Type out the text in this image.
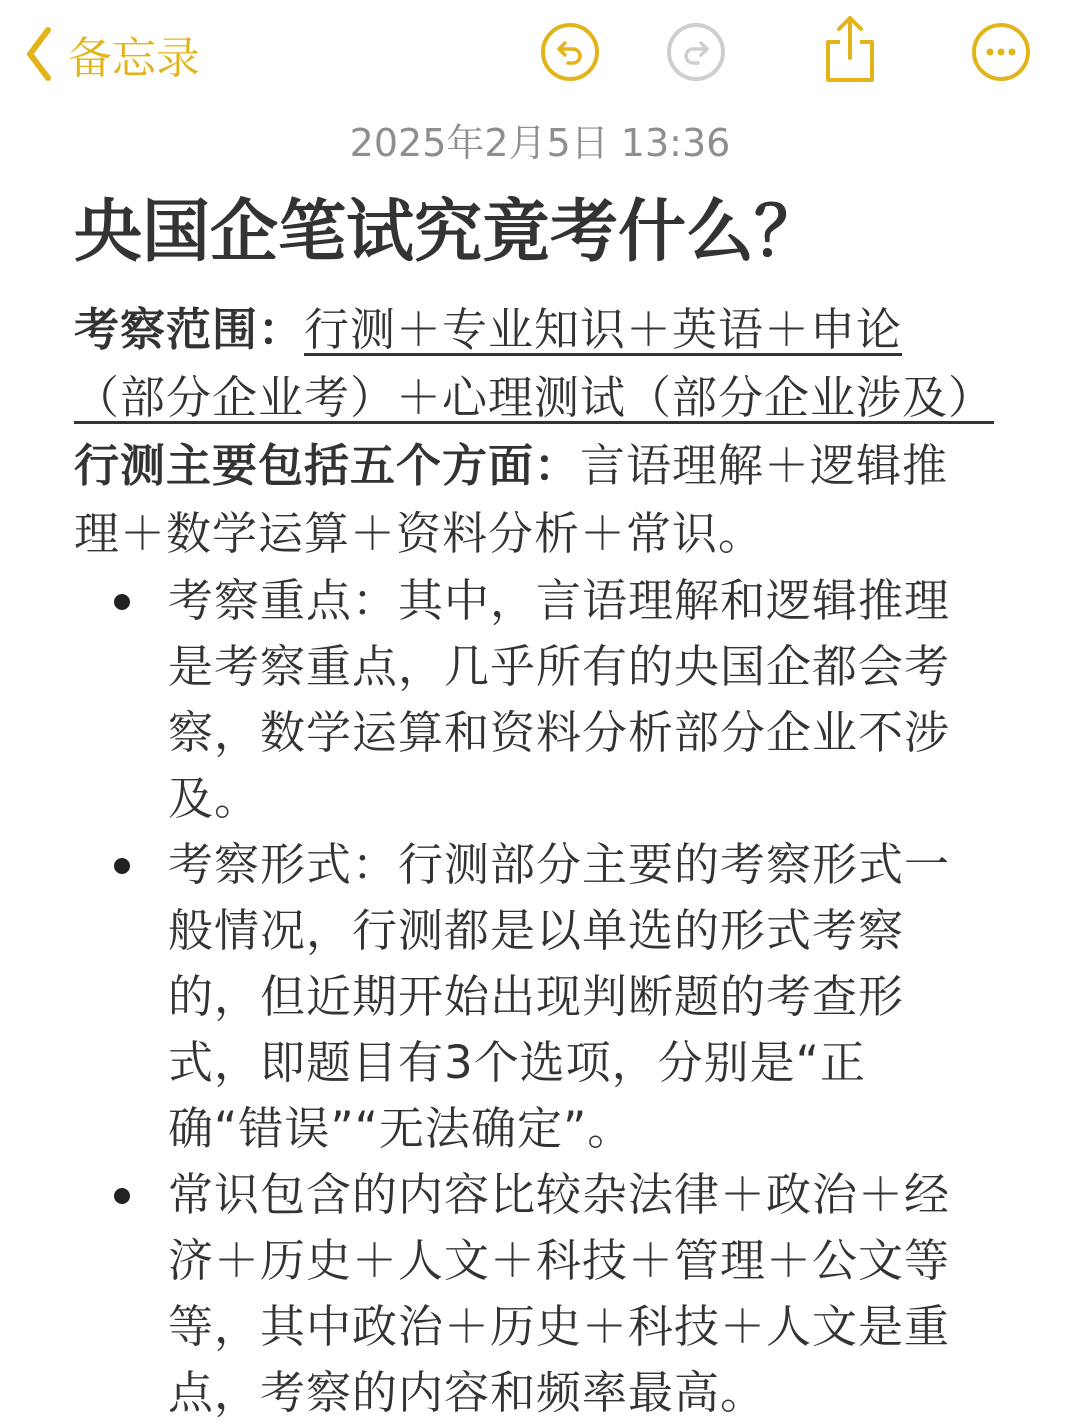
备忘录
2025年2月5日 13:36
央国企笔试究竟考什么？

考察范围：行测＋专业知识＋英语＋申论（部分企业考）＋心理测试（部分企业涉及）

行测主要包括五个方面：言语理解＋逻辑推理＋数学运算＋资料分析＋常识。

考察重点：其中，言语理解和逻辑推理是考察重点，几乎所有的央国企都会考察，数学运算和资料分析部分企业不涉及。
考察形式：行测部分主要的考察形式一般情况，行测都是以单选的形式考察的，但近期开始出现判断题的考查形式，即题目有3个选项，分别是“正确“错误”“无法确定”。
常识包含的内容比较杂法律＋政治＋经济＋历史＋人文＋科技＋管理＋公文等等，其中政治＋历史＋科技＋人文是重点，考察的内容和频率最高。
